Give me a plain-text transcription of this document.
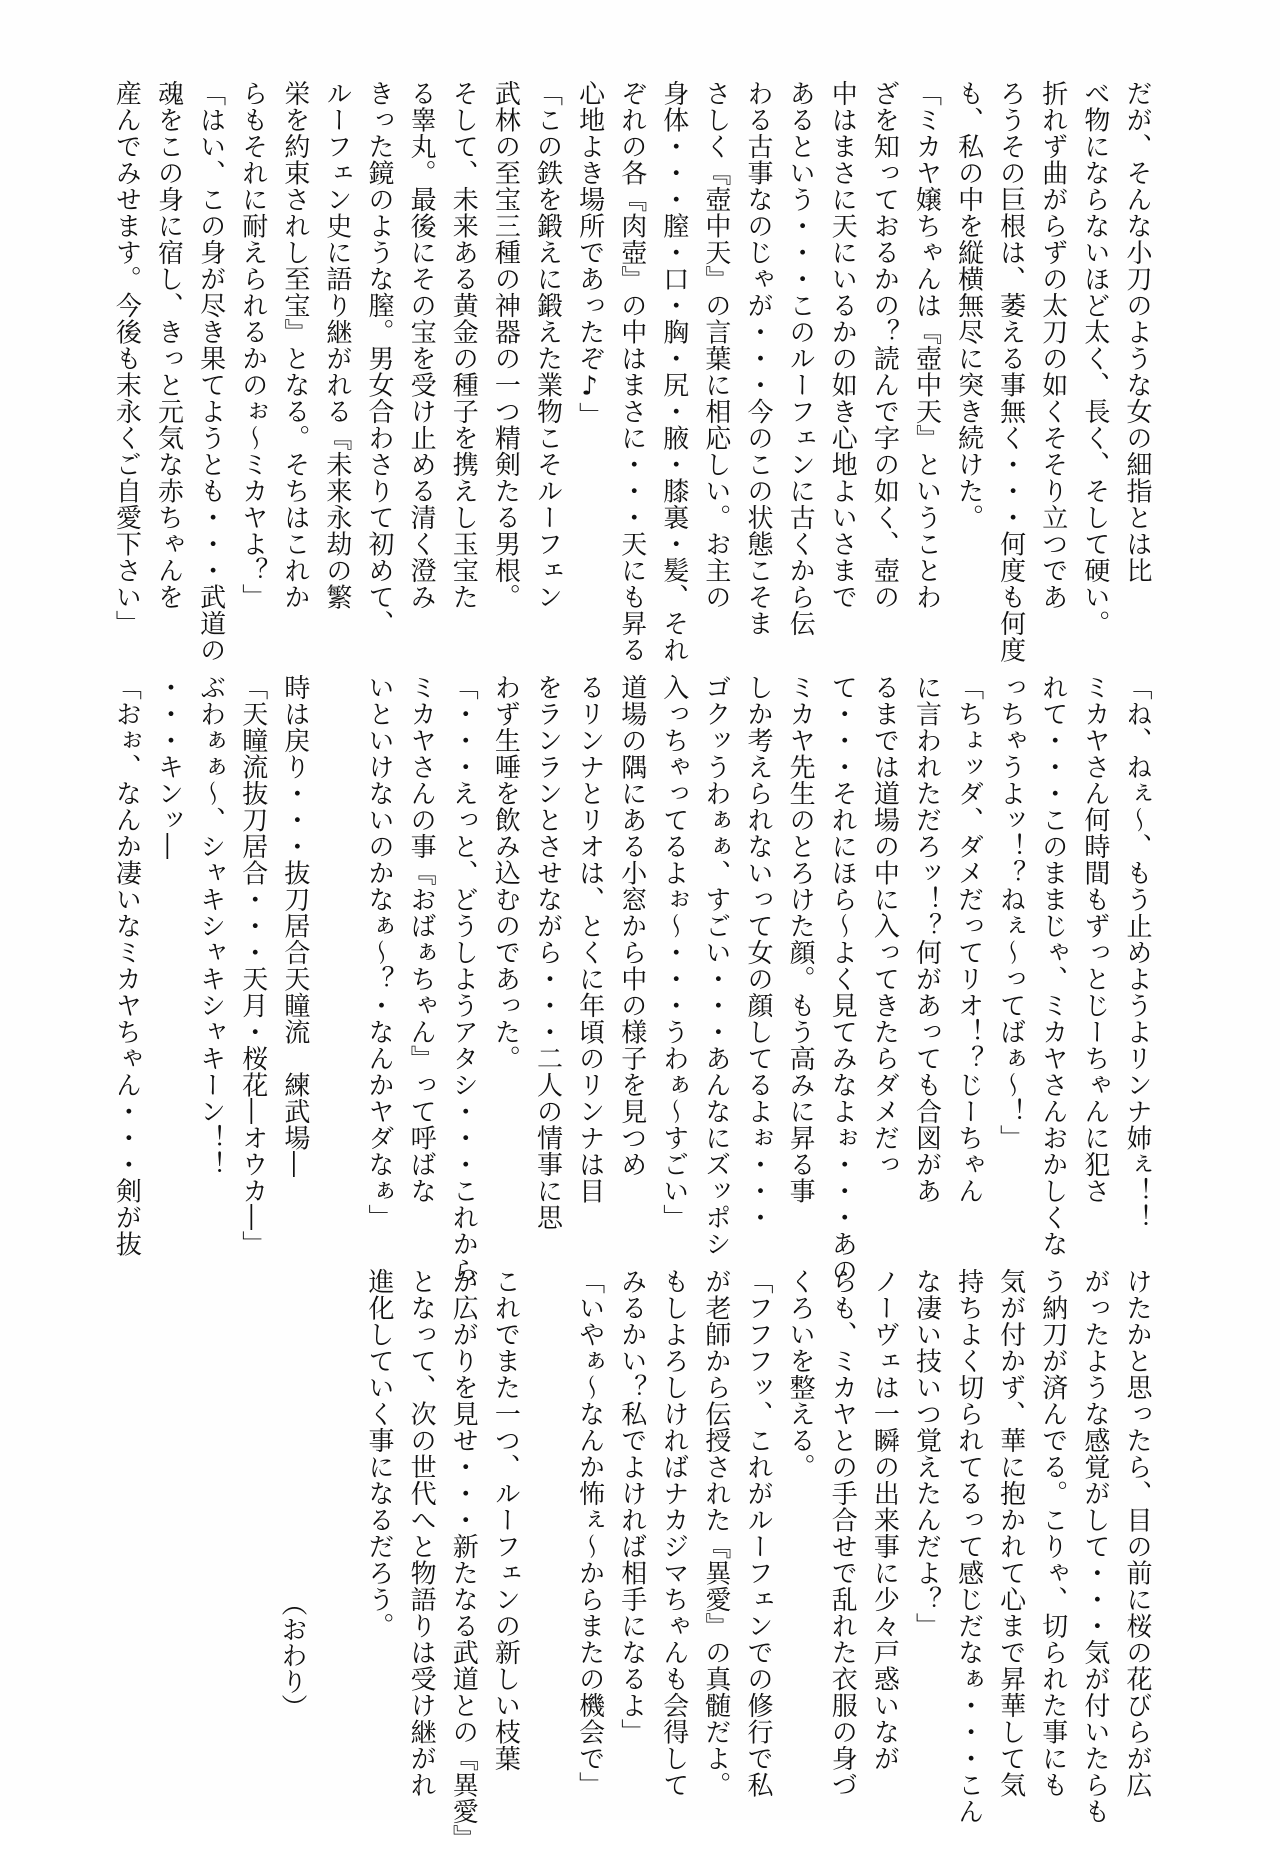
だが、そんな小刀のような女の細指とは比
べ物にならないほど太く、長く、そして硬い。
折れず曲がらずの太刀の如くそそり立つであ
ろうその巨根は、萎える事無く・・・何度も何度
も、私の中を縦横無尽に突き続けた。
「ミカヤ嬢ちゃんは『壺中天』ということわ
ざを知っておるかの？読んで字の如く、壺の
中はまさに天にいるかの如き心地よいさまで
あるという・・・このルーフェンに古くから伝
わる古事なのじゃが・・・今のこの状態こそま
さしく『壺中天』の言葉に相応しい。お主の
身体・・・膣・口・胸・尻・腋・膝裏・髪、それ
ぞれの各『肉壺』の中はまさに・・・天にも昇る
心地よき場所であったぞ♪」
「この鉄を鍛えに鍛えた業物こそルーフェン
武林の至宝三種の神器の一つ精剣たる男根。
そして、未来ある黄金の種子を携えし玉宝た
る睾丸。最後にその宝を受け止める清く澄み
きった鏡のような膣。男女合わさりて初めて、
ルーフェン史に語り継がれる『未来永劫の繁
栄を約束されし至宝』となる。そちはこれか
らもそれに耐えられるかのぉ～ミカヤよ？」
「はい、この身が尽き果てようとも・・・武道の
魂をこの身に宿し、きっと元気な赤ちゃんを
産んでみせます。今後も末永くご自愛下さい」
「ね、ねぇ～、もう止めようよリンナ姉ぇ！！
ミカヤさん何時間もずっとじーちゃんに犯さ
れて・・・このままじゃ、ミカヤさんおかしくな
っちゃうよッ！？ねぇ～ってばぁ～！」
「ちょッダ、ダメだってリオ！？じーちゃん
に言われただろッ！？何があっても合図があ
るまでは道場の中に入ってきたらダメだっ
て・・・それにほら～よく見てみなよぉ・・・あの
ミカヤ先生のとろけた顔。もう高みに昇る事
しか考えられないって女の顔してるよぉ・・・
ゴクッうわぁぁ、すごい・・・あんなにズッポシ
入っちゃってるよぉ～・・・うわぁ～すごい」
道場の隅にある小窓から中の様子を見つめ
るリンナとリオは、とくに年頃のリンナは目
をランランとさせながら・・・二人の情事に思
わず生唾を飲み込むのであった。
「・・・えっと、どうしようアタシ・・・これから
ミカヤさんの事『おばぁちゃん』って呼ばな
いといけないのかなぁ～？・なんかヤダなぁ」

時は戻り・・・抜刀居合天瞳流　練武場―
「天瞳流抜刀居合・・・天月・桜花―オウカ―」
ぶわぁぁ～、シャキシャキシャキーン！！
・・・キンッ―
「おぉ、なんか凄いなミカヤちゃん・・・剣が抜
けたかと思ったら、目の前に桜の花びらが広
がったような感覚がして・・・気が付いたらも
う納刀が済んでる。こりゃ、切られた事にも
気が付かず、華に抱かれて心まで昇華して気
持ちよく切られてるって感じだなぁ・・・こん
な凄い技いつ覚えたんだよ？」
ノーヴェは一瞬の出来事に少々戸惑いなが
らも、ミカヤとの手合せで乱れた衣服の身づ
くろいを整える。
「フフフッ、これがルーフェンでの修行で私
が老師から伝授された『異愛』の真髄だよ。
もしよろしければナカジマちゃんも会得して
みるかい？私でよければ相手になるよ」
「いやぁ～なんか怖ぇ～からまたの機会で」

これでまた一つ、ルーフェンの新しい枝葉
が広がりを見せ・・・新たなる武道との『異愛』
となって、次の世代へと物語りは受け継がれ
進化していく事になるだろう。
（おわり）
